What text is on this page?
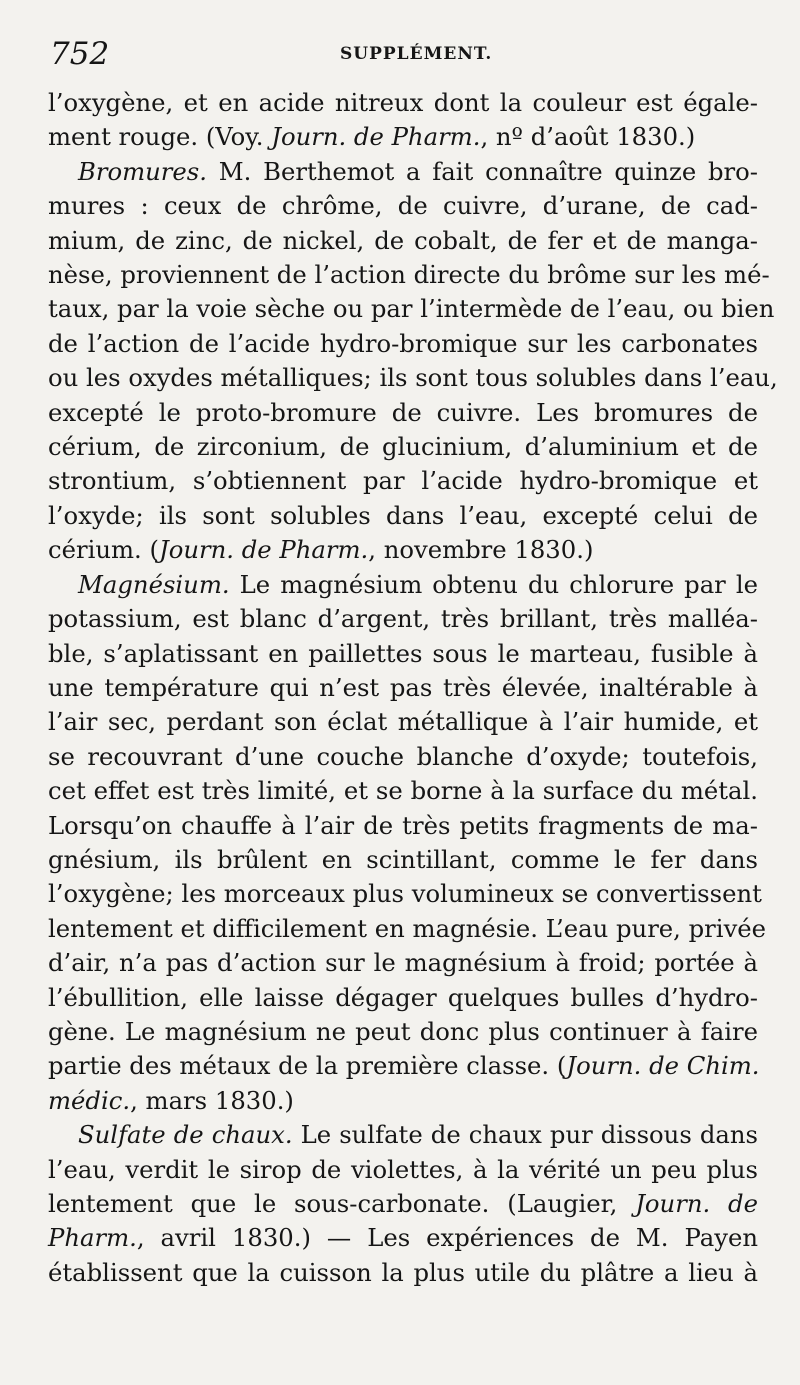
752	SUPPLÉMENT.
l’oxygène, et en acide nitreux dont la couleur est égale-
ment rouge. (Voy. Journ. de Pharm., nº d’août 1830.)
Bromures. M. Berthemot a fait connaître quinze bro-
mures : ceux de chrôme, de cuivre, d’urane, de cad-
mium, de zinc, de nickel, de cobalt, de fer et de manga-
nèse, proviennent de l’action directe du brôme sur les mé-
taux, par la voie sèche ou par l’intermède de l’eau, ou bien
de l’action de l’acide hydro-bromique sur les carbonates
ou les oxydes métalliques; ils sont tous solubles dans l’eau,
excepté le proto-bromure de cuivre. Les bromures de
cérium, de zirconium, de glucinium, d’aluminium et de
strontium, s’obtiennent par l’acide hydro-bromique et
l’oxyde; ils sont solubles dans l’eau, excepté celui de
cérium. (Journ. de Pharm., novembre 1830.)
Magnésium. Le magnésium obtenu du chlorure par le
potassium, est blanc d’argent, très brillant, très malléa-
ble, s’aplatissant en paillettes sous le marteau, fusible à
une température qui n’est pas très élevée, inaltérable à
l’air sec, perdant son éclat métallique à l’air humide, et
se recouvrant d’une couche blanche d’oxyde; toutefois,
cet effet est très limité, et se borne à la surface du métal.
Lorsqu’on chauffe à l’air de très petits fragments de ma-
gnésium, ils brûlent en scintillant, comme le fer dans
l’oxygène; les morceaux plus volumineux se convertissent
lentement et difficilement en magnésie. L’eau pure, privée
d’air, n’a pas d’action sur le magnésium à froid; portée à
l’ébullition, elle laisse dégager quelques bulles d’hydro-
gène. Le magnésium ne peut donc plus continuer à faire
partie des métaux de la première classe. (Journ. de Chim.
médic., mars 1830.)
Sulfate de chaux. Le sulfate de chaux pur dissous dans
l’eau, verdit le sirop de violettes, à la vérité un peu plus
lentement que le sous-carbonate. (Laugier, Journ. de
Pharm., avril 1830.) — Les expériences de M. Payen
établissent que la cuisson la plus utile du plâtre a lieu à
